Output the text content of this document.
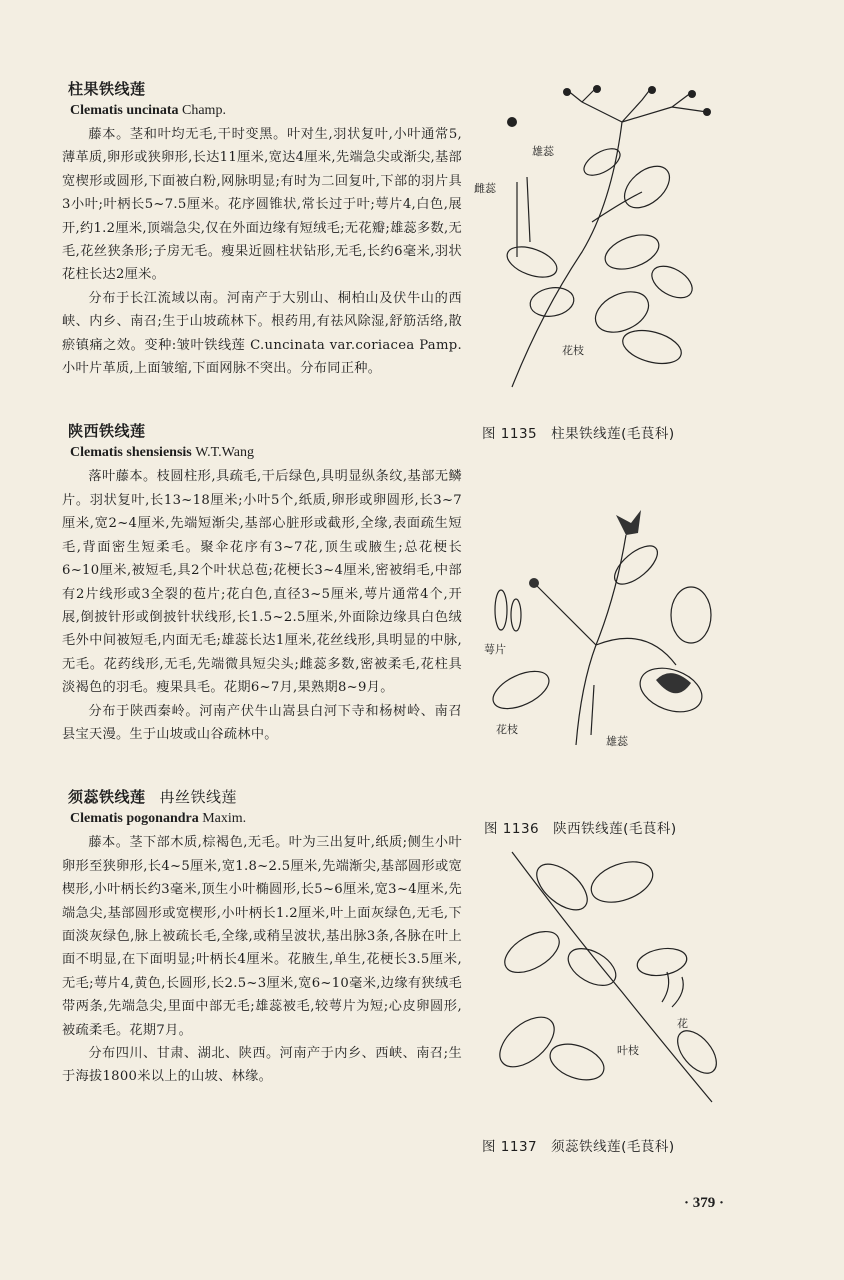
柱果铁线莲
Clematis uncinata Champ.

藤本。茎和叶均无毛,干时变黑。叶对生,羽状复叶,小叶通常5,薄革质,卵形或狭卵形,长达11厘米,宽达4厘米,先端急尖或渐尖,基部宽楔形或圆形,下面被白粉,网脉明显;有时为二回复叶,下部的羽片具3小叶;叶柄长5~7.5厘米。花序圆锥状,常长过于叶;萼片4,白色,展开,约1.2厘米,顶端急尖,仅在外面边缘有短绒毛;无花瓣;雄蕊多数,无毛,花丝狭条形;子房无毛。瘦果近圆柱状钻形,无毛,长约6毫米,羽状花柱长达2厘米。

分布于长江流域以南。河南产于大别山、桐柏山及伏牛山的西峡、内乡、南召;生于山坡疏林下。根药用,有祛风除湿,舒筋活络,散瘀镇痛之效。变种:皱叶铁线莲 C.uncinata var.coriacea Pamp. 小叶片革质,上面皱缩,下面网脉不突出。分布同正种。

陕西铁线莲
Clematis shensiensis W.T.Wang

落叶藤本。枝圆柱形,具疏毛,干后绿色,具明显纵条纹,基部无鳞片。羽状复叶,长13~18厘米;小叶5个,纸质,卵形或卵圆形,长3~7厘米,宽2~4厘米,先端短渐尖,基部心脏形或截形,全缘,表面疏生短毛,背面密生短柔毛。聚伞花序有3~7花,顶生或腋生;总花梗长6~10厘米,被短毛,具2个叶状总苞;花梗长3~4厘米,密被绢毛,中部有2片线形或3全裂的苞片;花白色,直径3~5厘米,萼片通常4个,开展,倒披针形或倒披针状线形,长1.5~2.5厘米,外面除边缘具白色绒毛外中间被短毛,内面无毛;雄蕊长达1厘米,花丝线形,具明显的中脉,无毛。花药线形,无毛,先端微具短尖头;雌蕊多数,密被柔毛,花柱具淡褐色的羽毛。瘦果具毛。花期6~7月,果熟期8~9月。

分布于陕西秦岭。河南产伏牛山嵩县白河下寺和杨树岭、南召县宝天漫。生于山坡或山谷疏林中。

须蕊铁线莲 冉丝铁线莲
Clematis pogonandra Maxim.

藤本。茎下部木质,棕褐色,无毛。叶为三出复叶,纸质;侧生小叶卵形至狭卵形,长4~5厘米,宽1.8~2.5厘米,先端渐尖,基部圆形或宽楔形,小叶柄长约3毫米,顶生小叶椭圆形,长5~6厘米,宽3~4厘米,先端急尖,基部圆形或宽楔形,小叶柄长1.2厘米,叶上面灰绿色,无毛,下面淡灰绿色,脉上被疏长毛,全缘,或稍呈波状,基出脉3条,各脉在叶上面不明显,在下面明显;叶柄长4厘米。花腋生,单生,花梗长3.5厘米,无毛;萼片4,黄色,长圆形,长2.5~3厘米,宽6~10毫米,边缘有狭绒毛带两条,先端急尖,里面中部无毛;雄蕊被毛,较萼片为短;心皮卵圆形,被疏柔毛。花期7月。

分布四川、甘肃、湖北、陕西。河南产于内乡、西峡、南召;生于海拔1800米以上的山坡、林缘。

雌蕊
雄蕊
花枝
图 1135　柱果铁线莲(毛茛科)
萼片
花枝
雄蕊
图 1136　陕西铁线莲(毛茛科)
花
叶枝
图 1137　须蕊铁线莲(毛茛科)
· 379 ·
